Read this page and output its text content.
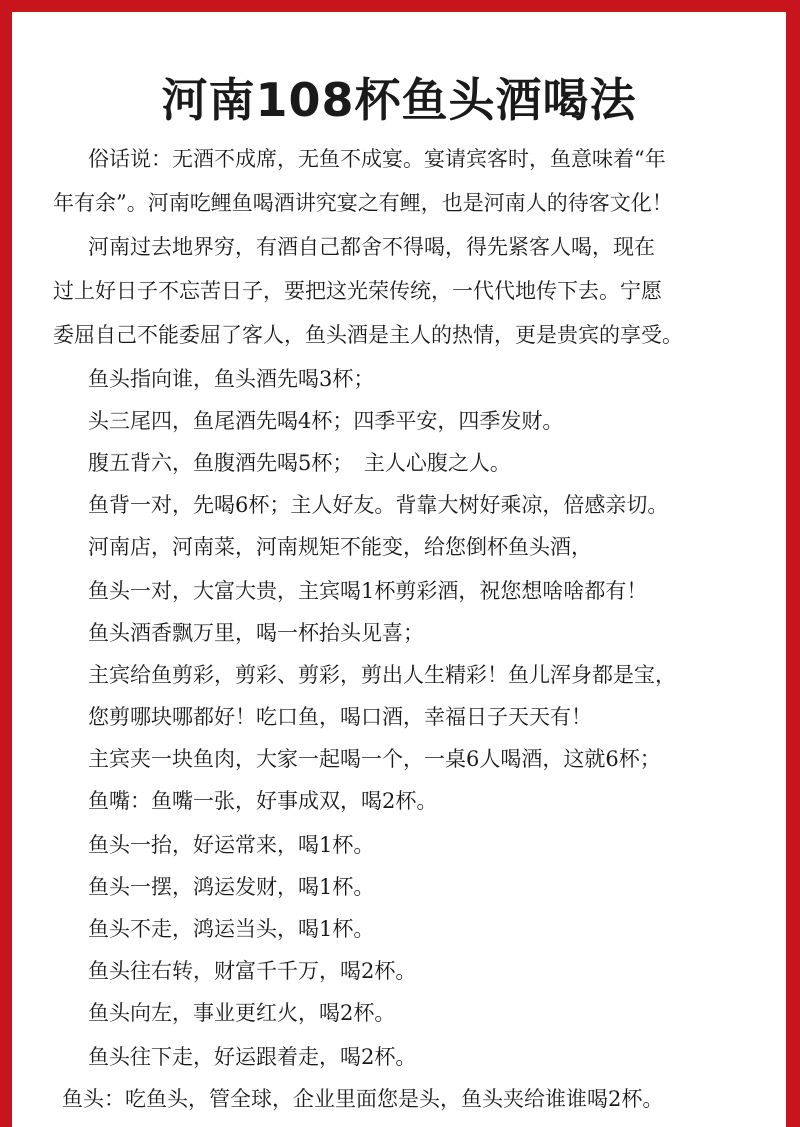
河南108杯鱼头酒喝法
俗话说：无酒不成席，无鱼不成宴。宴请宾客时，鱼意味着“年
年有余”。河南吃鲤鱼喝酒讲究宴之有鲤，也是河南人的待客文化！
河南过去地界穷，有酒自己都舍不得喝，得先紧客人喝，现在
过上好日子不忘苦日子，要把这光荣传统，一代代地传下去。宁愿
委屈自己不能委屈了客人，鱼头酒是主人的热情，更是贵宾的享受。
鱼头指向谁，鱼头酒先喝3杯；
头三尾四，鱼尾酒先喝4杯；四季平安，四季发财。
腹五背六，鱼腹酒先喝5杯；　主人心腹之人。
鱼背一对，先喝6杯；主人好友。背靠大树好乘凉，倍感亲切。
河南店，河南菜，河南规矩不能变，给您倒杯鱼头酒，
鱼头一对，大富大贵，主宾喝1杯剪彩酒，祝您想啥啥都有！
鱼头酒香飘万里，喝一杯抬头见喜；
主宾给鱼剪彩，剪彩、剪彩，剪出人生精彩！鱼儿浑身都是宝，
您剪哪块哪都好！吃口鱼，喝口酒，幸福日子天天有！
主宾夹一块鱼肉，大家一起喝一个，一桌6人喝酒，这就6杯；
鱼嘴：鱼嘴一张，好事成双，喝2杯。
鱼头一抬，好运常来，喝1杯。
鱼头一摆，鸿运发财，喝1杯。
鱼头不走，鸿运当头，喝1杯。
鱼头往右转，财富千千万，喝2杯。
鱼头向左，事业更红火，喝2杯。
鱼头往下走，好运跟着走，喝2杯。
鱼头：吃鱼头，管全球，企业里面您是头，鱼头夹给谁谁喝2杯。
